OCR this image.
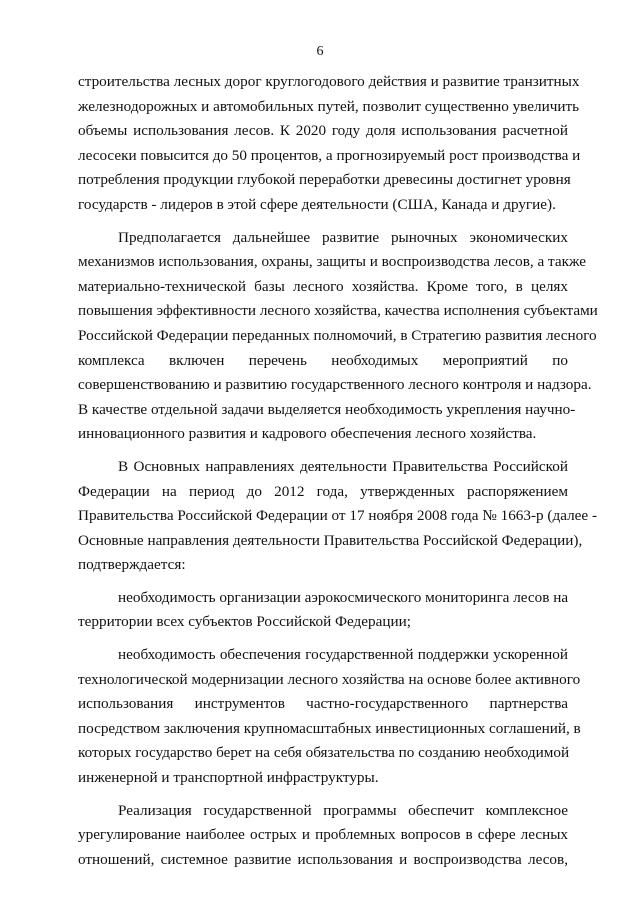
6

строительства лесных дорог круглогодового действия и развитие транзитных
железнодорожных и автомобильных путей, позволит существенно увеличить
объемы использования лесов. К 2020 году доля использования расчетной
лесосеки повысится до 50 процентов, а прогнозируемый рост производства и
потребления продукции глубокой переработки древесины достигнет уровня
государств - лидеров в этой сфере деятельности (США, Канада и другие).

Предполагается дальнейшее развитие рыночных экономических
механизмов использования, охраны, защиты и воспроизводства лесов, а также
материально-технической базы лесного хозяйства. Кроме того, в целях
повышения эффективности лесного хозяйства, качества исполнения субъектами
Российской Федерации переданных полномочий, в Стратегию развития лесного
комплекса включен перечень необходимых мероприятий по
совершенствованию и развитию государственного лесного контроля и надзора.
В качестве отдельной задачи выделяется необходимость укрепления научно-
инновационного развития и кадрового обеспечения лесного хозяйства.

В Основных направлениях деятельности Правительства Российской
Федерации на период до 2012 года, утвержденных распоряжением
Правительства Российской Федерации от 17 ноября 2008 года № 1663-р (далее -
Основные направления деятельности Правительства Российской Федерации),
подтверждается:

необходимость организации аэрокосмического мониторинга лесов на
территории всех субъектов Российской Федерации;

необходимость обеспечения государственной поддержки ускоренной
технологической модернизации лесного хозяйства на основе более активного
использования инструментов частно-государственного партнерства
посредством заключения крупномасштабных инвестиционных соглашений, в
которых государство берет на себя обязательства по созданию необходимой
инженерной и транспортной инфраструктуры.

Реализация государственной программы обеспечит комплексное
урегулирование наиболее острых и проблемных вопросов в сфере лесных
отношений, системное развитие использования и воспроизводства лесов,
